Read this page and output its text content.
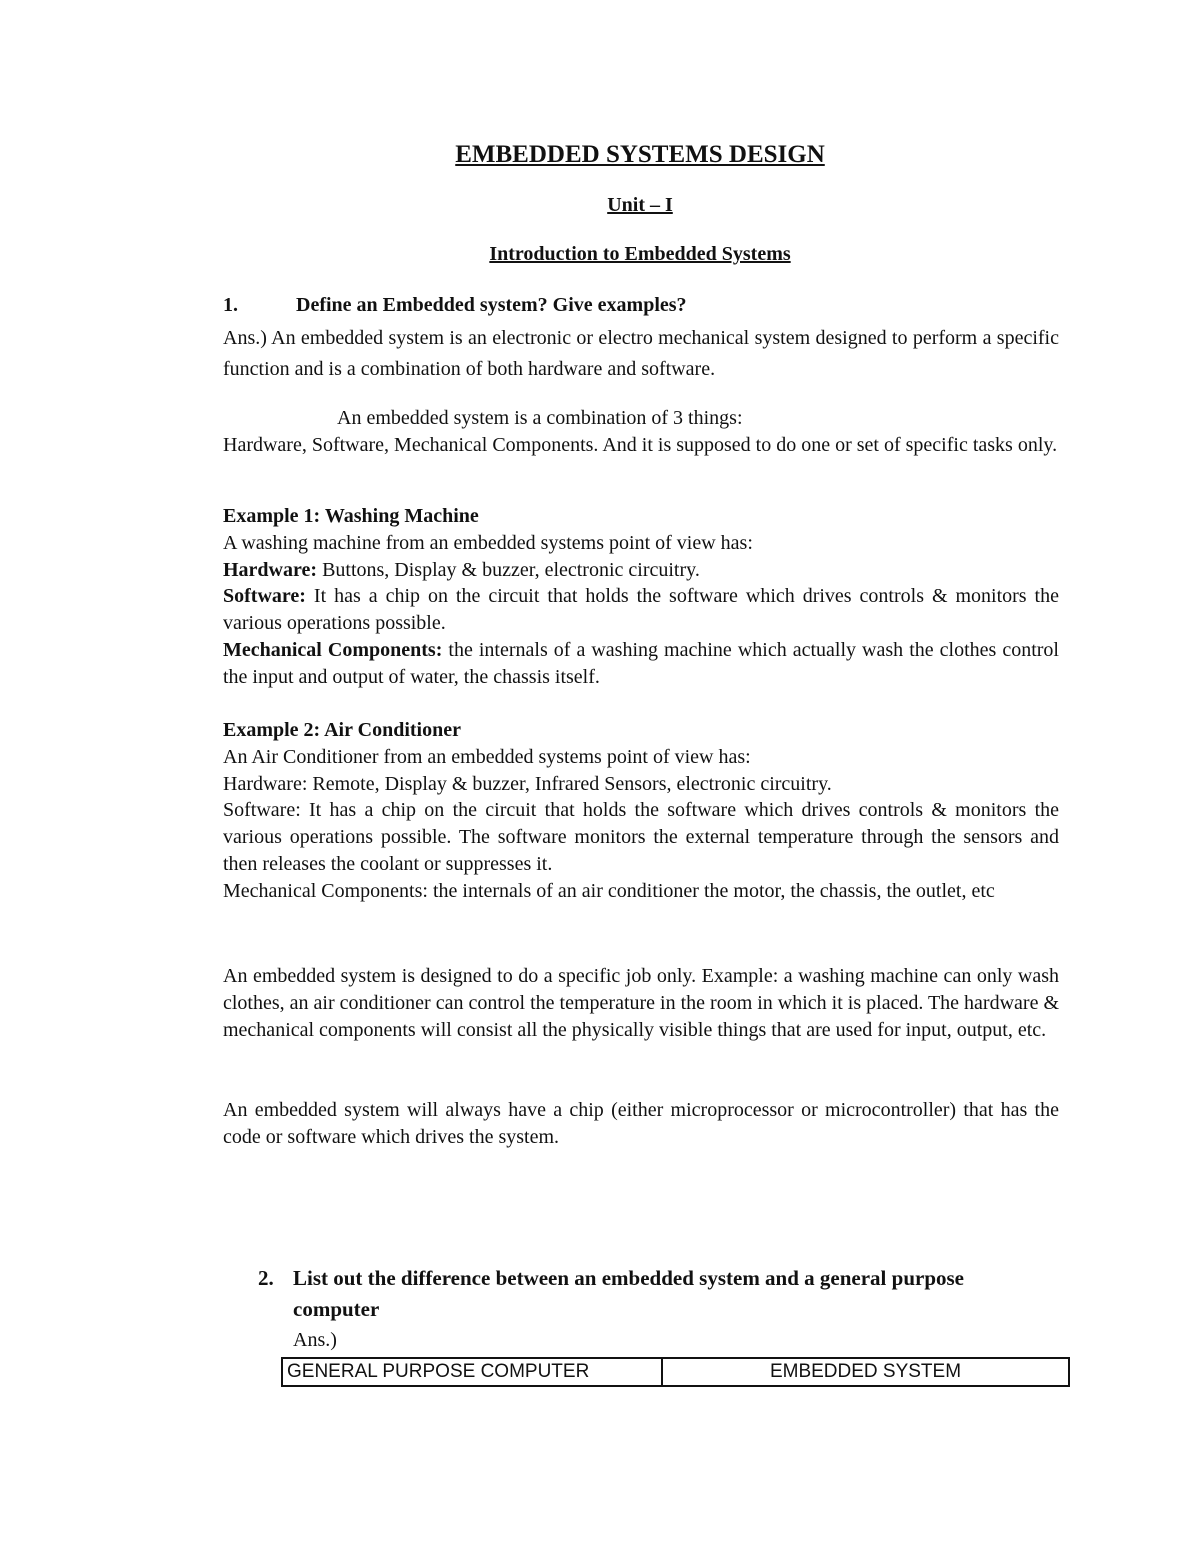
EMBEDDED SYSTEMS DESIGN
Unit – I
Introduction to Embedded Systems
1.	Define an Embedded system? Give examples?

Ans.) An embedded system is an electronic or electro mechanical system designed to perform a specific function and is a combination of both hardware and software.

An embedded system is a combination of 3 things:

Hardware, Software, Mechanical Components. And it is supposed to do one or set of specific tasks only.

Example 1: Washing Machine

A washing machine from an embedded systems point of view has:

Hardware: Buttons, Display & buzzer, electronic circuitry.

Software: It has a chip on the circuit that holds the software which drives controls & monitors the various operations possible.

Mechanical Components: the internals of a washing machine which actually wash the clothes control the input and output of water, the chassis itself.

Example 2: Air Conditioner

An Air Conditioner from an embedded systems point of view has:

Hardware: Remote, Display & buzzer, Infrared Sensors, electronic circuitry.

Software: It has a chip on the circuit that holds the software which drives controls & monitors the various operations possible. The software monitors the external temperature through the sensors and then releases the coolant or suppresses it.

Mechanical Components: the internals of an air conditioner the motor, the chassis, the outlet, etc

An embedded system is designed to do a specific job only. Example: a washing machine can only wash clothes, an air conditioner can control the temperature in the room in which it is placed. The hardware & mechanical components will consist all the physically visible things that are used for input, output, etc.

An embedded system will always have a chip (either microprocessor or microcontroller) that has the code or software which drives the system.

2. List out the difference between an embedded system and a general purpose
computer
Ans.)
GENERAL PURPOSE COMPUTER	EMBEDDED SYSTEM
